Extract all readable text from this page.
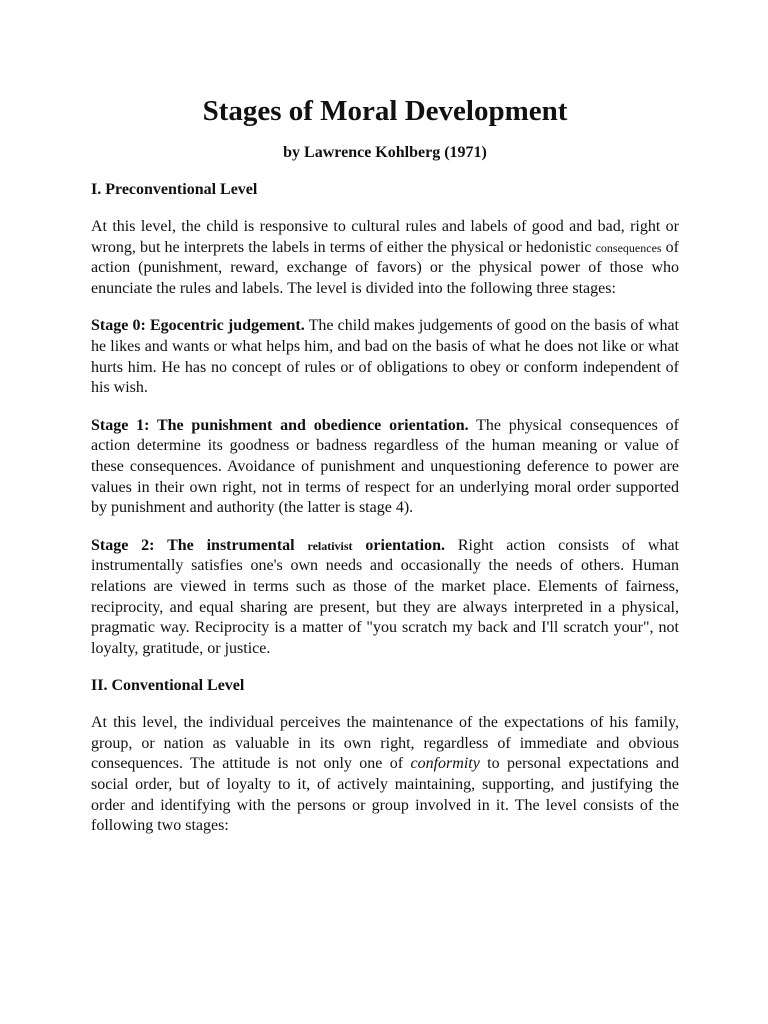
Stages of Moral Development
by Lawrence Kohlberg (1971)
I. Preconventional Level

At this level, the child is responsive to cultural rules and labels of good and bad, right or wrong, but he interprets the labels in terms of either the physical or hedonistic consequences of action (punishment, reward, exchange of favors) or the physical power of those who enunciate the rules and labels. The level is divided into the following three stages:

Stage 0: Egocentric judgement. The child makes judgements of good on the basis of what he likes and wants or what helps him, and bad on the basis of what he does not like or what hurts him. He has no concept of rules or of obligations to obey or conform independent of his wish.

Stage 1: The punishment and obedience orientation. The physical consequences of action determine its goodness or badness regardless of the human meaning or value of these consequences. Avoidance of punishment and unquestioning deference to power are values in their own right, not in terms of respect for an underlying moral order supported by punishment and authority (the latter is stage 4).

Stage 2: The instrumental relativist orientation. Right action consists of what instrumentally satisfies one's own needs and occasionally the needs of others. Human relations are viewed in terms such as those of the market place. Elements of fairness, reciprocity, and equal sharing are present, but they are always interpreted in a physical, pragmatic way. Reciprocity is a matter of "you scratch my back and I'll scratch your", not loyalty, gratitude, or justice.

II. Conventional Level

At this level, the individual perceives the maintenance of the expectations of his family, group, or nation as valuable in its own right, regardless of immediate and obvious consequences. The attitude is not only one of conformity to personal expectations and social order, but of loyalty to it, of actively maintaining, supporting, and justifying the order and identifying with the persons or group involved in it. The level consists of the following two stages:
